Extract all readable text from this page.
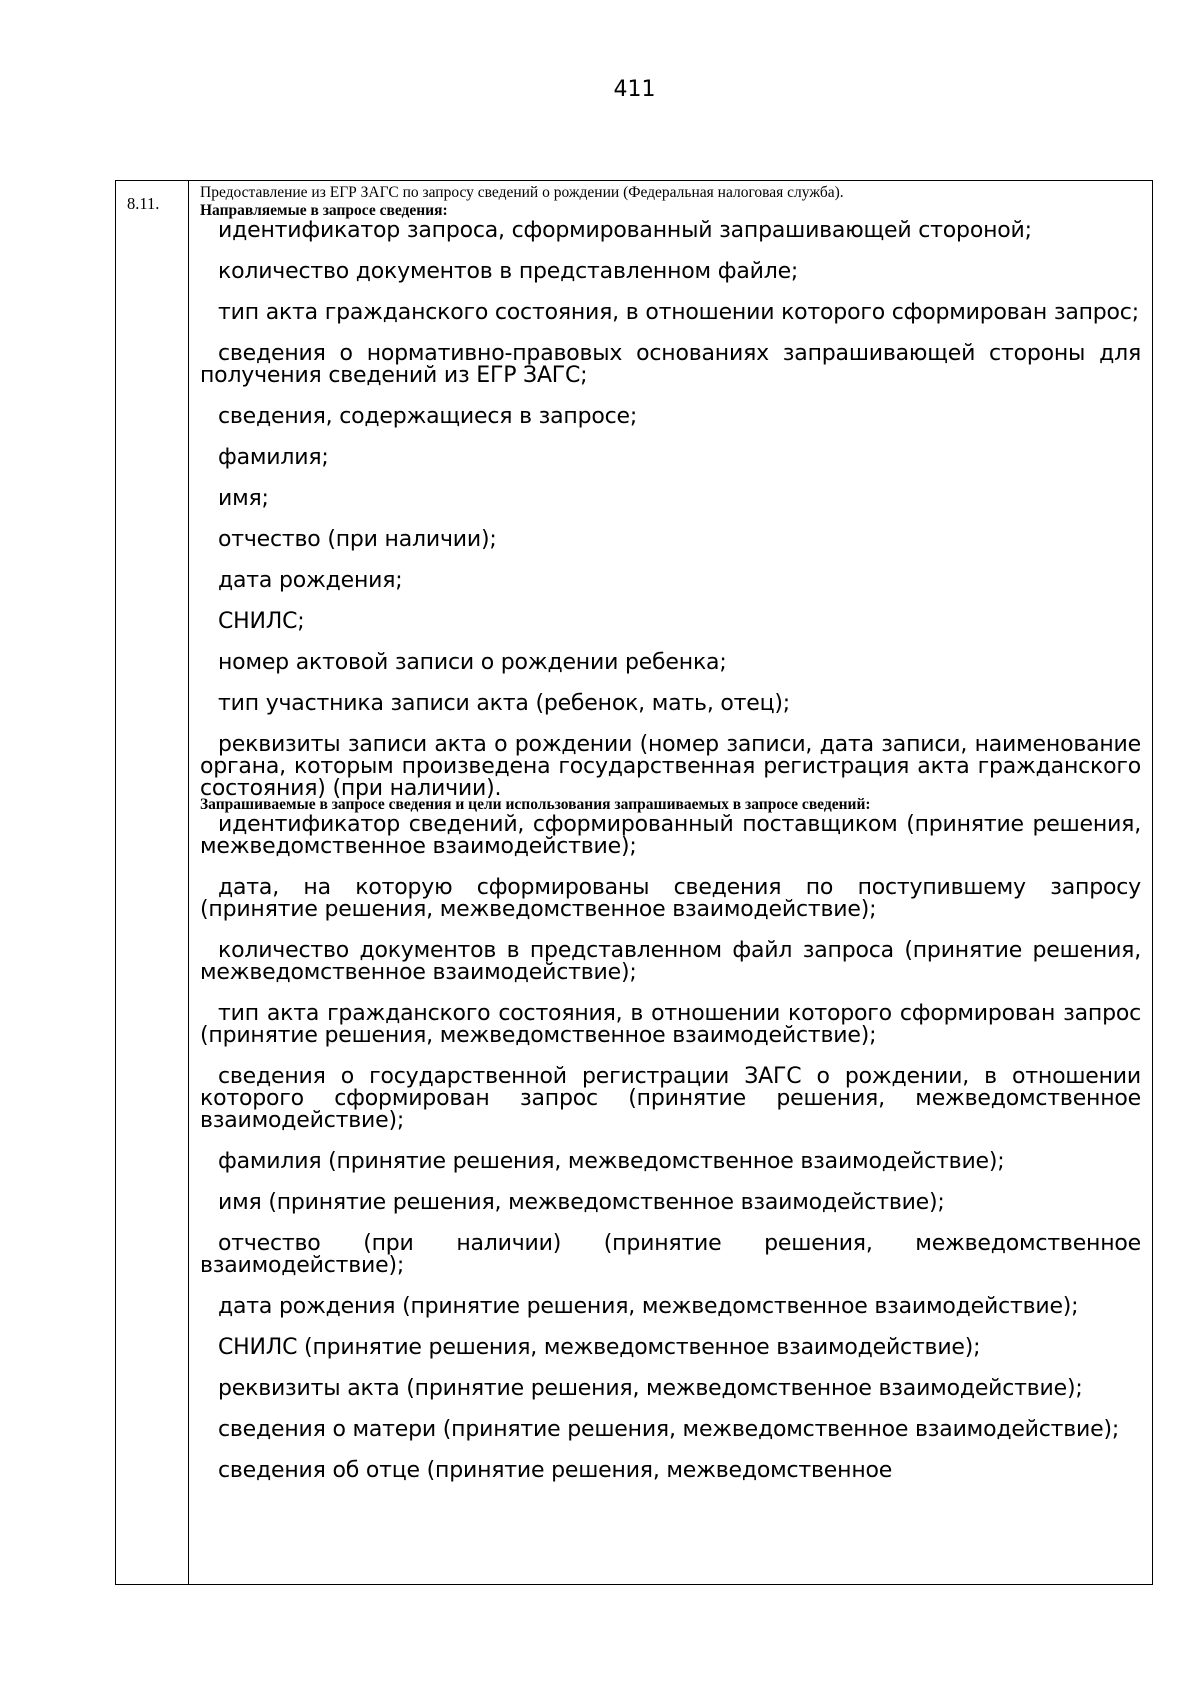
411
8.11.
Предоставление из ЕГР ЗАГС по запросу сведений о рождении (Федеральная налоговая служба).
Направляемые в запросе сведения:

идентификатор запроса, сформированный запрашивающей стороной;

количество документов в представленном файле;

тип акта гражданского состояния, в отношении которого сформирован запрос;

сведения о нормативно-правовых основаниях запрашивающей стороны для получения сведений из ЕГР ЗАГС;

сведения, содержащиеся в запросе;

фамилия;

имя;

отчество (при наличии);

дата рождения;

СНИЛС;

номер актовой записи о рождении ребенка;

тип участника записи акта (ребенок, мать, отец);

реквизиты записи акта о рождении (номер записи, дата записи, наименование органа, которым произведена государственная регистрация акта гражданского состояния) (при наличии).

Запрашиваемые в запросе сведения и цели использования запрашиваемых в запросе сведений:

идентификатор сведений, сформированный поставщиком (принятие решения, межведомственное взаимодействие);

дата, на которую сформированы сведения по поступившему запросу (принятие решения, межведомственное взаимодействие);

количество документов в представленном файл запроса (принятие решения, межведомственное взаимодействие);

тип акта гражданского состояния, в отношении которого сформирован запрос (принятие решения, межведомственное взаимодействие);

сведения о государственной регистрации ЗАГС о рождении, в отношении которого сформирован запрос (принятие решения, межведомственное взаимодействие);

фамилия (принятие решения, межведомственное взаимодействие);

имя (принятие решения, межведомственное взаимодействие);

отчество (при наличии) (принятие решения, межведомственное взаимодействие);

дата рождения (принятие решения, межведомственное взаимодействие);

СНИЛС (принятие решения, межведомственное взаимодействие);

реквизиты акта (принятие решения, межведомственное взаимодействие);

сведения о матери (принятие решения, межведомственное взаимодействие);

сведения об отце (принятие решения, межведомственное
